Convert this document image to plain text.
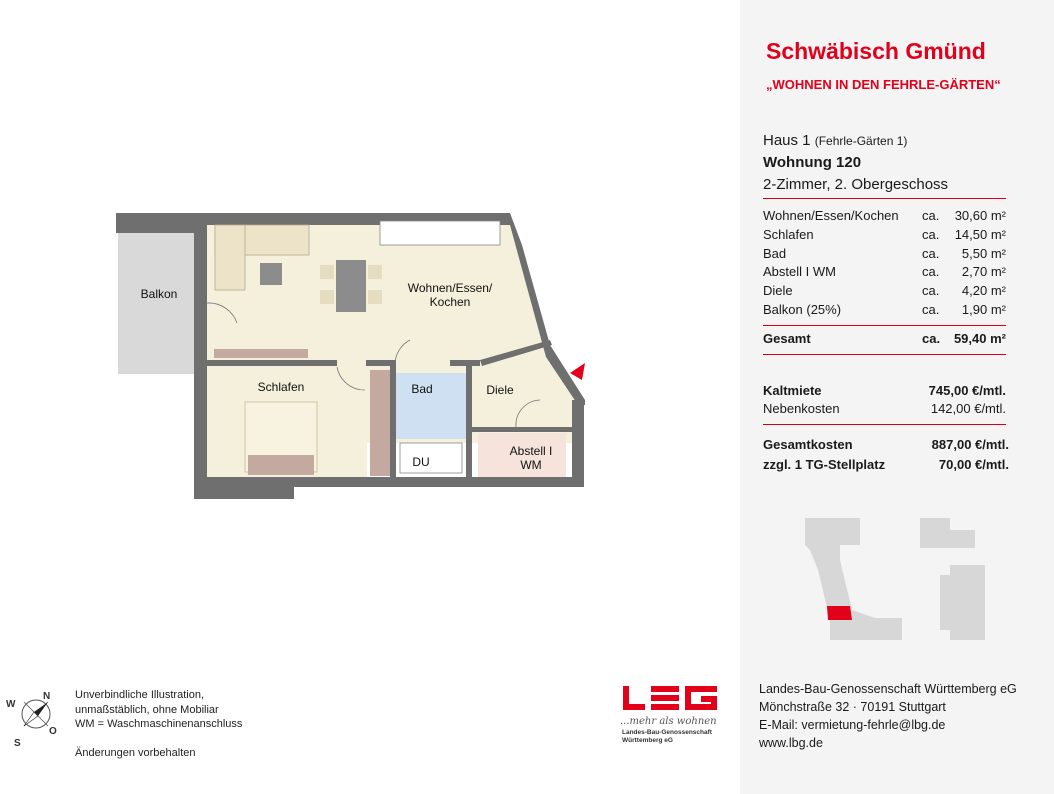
Schwäbisch Gmünd
„WOHNEN IN DEN FEHRLE-GÄRTEN“
Haus 1 (Fehrle-Gärten 1)
Wohnung 120
2-Zimmer, 2. Obergeschoss
Wohnen/Essen/Kochen ca. 30,60 m²
Schlafen	ca. 14,50 m²
Bad	ca. 5,50 m²
Abstell I WM	ca. 2,70 m²
Diele	ca. 4,20 m²
Balkon (25%)	ca. 1,90 m²
Gesamt	ca. 59,40 m²
Kaltmiete	745,00 €/mtl.
Nebenkosten	142,00 €/mtl.
Gesamtkosten	887,00 €/mtl.
zzgl. 1 TG-Stellplatz	70,00 €/mtl.
Landes-Bau-Genossenschaft Württemberg eG
Mönchstraße 32 · 70191 Stuttgart
E-Mail: vermietung-fehrle@lbg.de
www.lbg.de
Balkon	Wohnen/Essen/
Kochen
Schlafen	Bad	Diele
Abstell I
WM
DU
N
O
S
W
Unverbindliche Illustration,
unmaßstäblich, ohne Mobiliar
WM = Waschmaschinenanschluss
Änderungen vorbehalten
...mehr als wohnen
Landes-Bau-Genossenschaft
Württemberg eG
